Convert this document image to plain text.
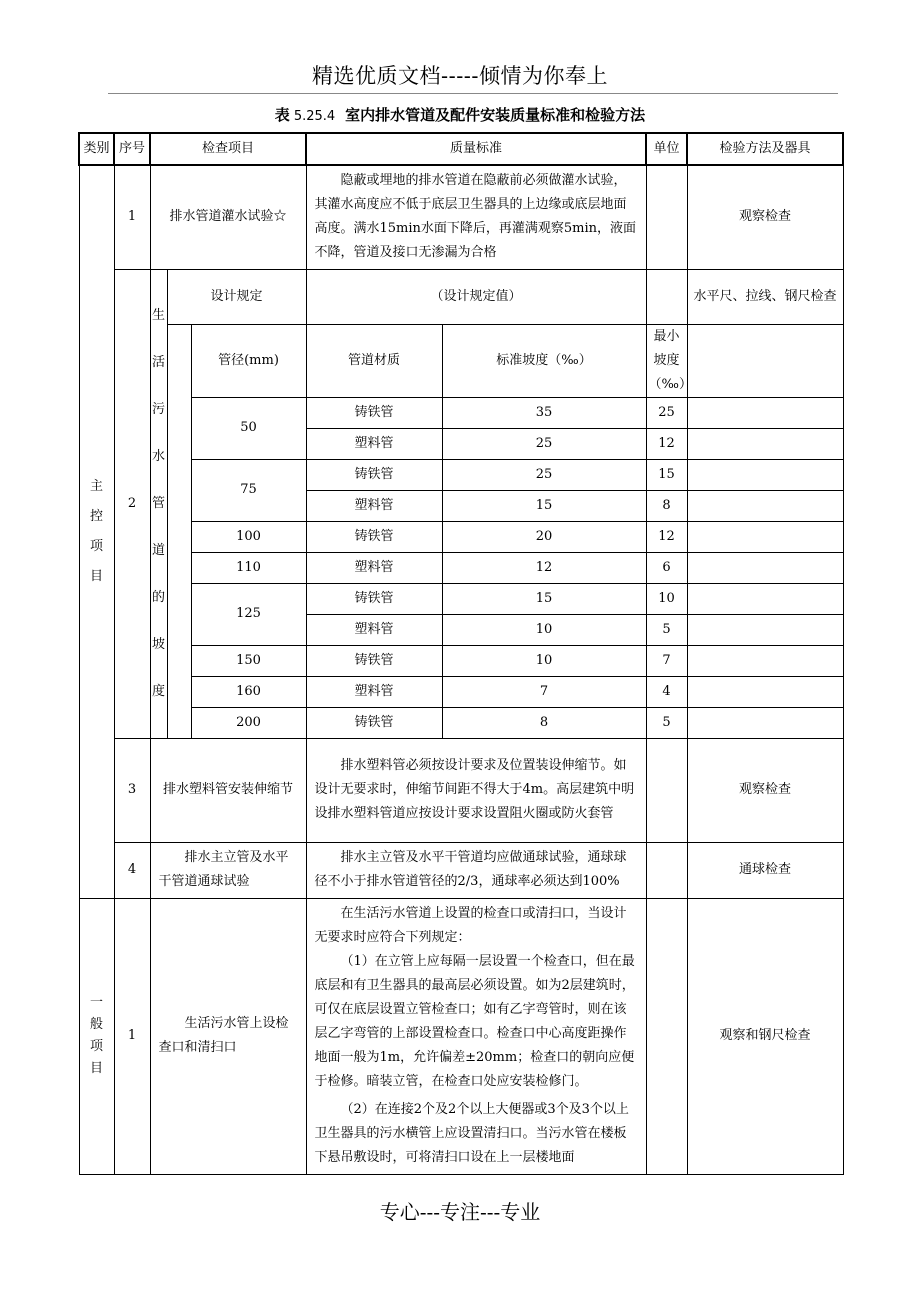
精选优质文档-----倾情为你奉上
表 5.25.4 室内排水管道及配件安装质量标准和检验方法
类别	序号	检查项目			质量标准		单位	检验方法及器具	

主控项目	1	排水管道灌水试验☆			隐蔽或埋地的排水管道在隐蔽前必须做灌水试验，其灌水高度应不低于底层卫生器具的上边缘或底层地面高度。满水15min水面下降后，再灌满观察5min，液面不降，管道及接口无渗漏为合格			观察检查	
	2	生活污水管道的坡度	设计规定		（设计规定值）			水平尺、拉线、钢尺检查	
				管径(mm)	管道材质	标准坡度（‰）	最小坡度（‰）		
				50	铸铁管	35	25		
					塑料管	25	12		
				75	铸铁管	25	15		
					塑料管	15	8		
				100	铸铁管	20	12		
				110	塑料管	12	6		
				125	铸铁管	15	10		
					塑料管	10	5		
				150	铸铁管	10	7		
				160	塑料管	7	4		
				200	铸铁管	8	5		
	3	排水塑料管安装伸缩节			排水塑料管必须按设计要求及位置装设伸缩节。如设计无要求时，伸缩节间距不得大于4m。高层建筑中明设排水塑料管道应按设计要求设置阻火圈或防火套管			观察检查	
	4	排水主立管及水平干管道通球试验			排水主立管及水平干管道均应做通球试验，通球球径不小于排水管道管径的2/3，通球率必须达到100%			通球检查	

一般项目	1	生活污水管上设检查口和清扫口			在生活污水管道上设置的检查口或清扫口，当设计无要求时应符合下列规定：
（1）在立管上应每隔一层设置一个检查口，但在最底层和有卫生器具的最高层必须设置。如为2层建筑时，可仅在底层设置立管检查口；如有乙字弯管时，则在该层乙字弯管的上部设置检查口。检查口中心高度距操作地面一般为1m，允许偏差±20mm；检查口的朝向应便于检修。暗装立管，在检查口处应安装检修门。
（2）在连接2个及2个以上大便器或3个及3个以上卫生器具的污水横管上应设置清扫口。当污水管在楼板下悬吊敷设时，可将清扫口设在上一层楼地面			观察和钢尺检查	
专心---专注---专业
